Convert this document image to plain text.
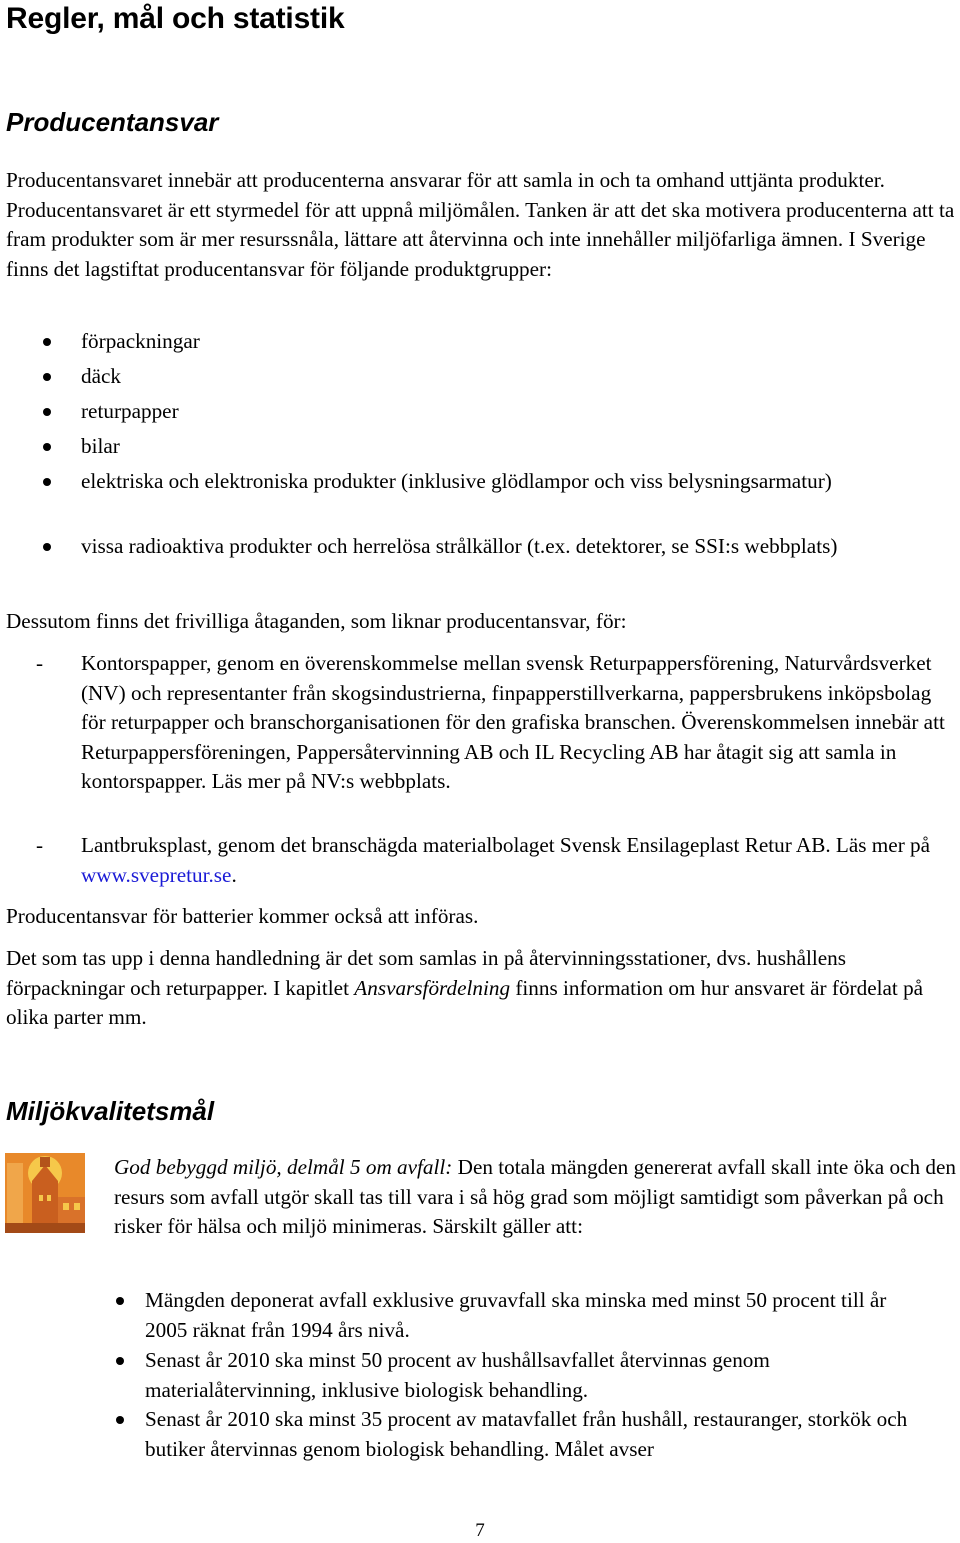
Regler, mål och statistik
Producentansvar

Producentansvaret innebär att producenterna ansvarar för att samla in och ta omhand uttjänta produkter. Producentansvaret är ett styrmedel för att uppnå miljömålen. Tanken är att det ska motivera producenterna att ta fram produkter som är mer resurssnåla, lättare att återvinna och inte innehåller miljöfarliga ämnen. I Sverige finns det lagstiftat producentansvar för följande produktgrupper:

förpackningar
däck
returpapper
bilar
elektriska och elektroniska produkter (inklusive glödlampor och viss belysningsarmatur)
vissa radioaktiva produkter och herrelösa strålkällor (t.ex. detektorer, se SSI:s webbplats)

Dessutom finns det frivilliga åtaganden, som liknar producentansvar, för:

- Kontorspapper, genom en överenskommelse mellan svensk Returpappersförening, Naturvårdsverket (NV) och representanter från skogsindustrierna, finpapperstillverkarna, pappersbrukens inköpsbolag för returpapper och branschorganisationen för den grafiska branschen. Överenskommelsen innebär att Returpappersföreningen, Pappersåtervinning AB och IL Recycling AB har åtagit sig att samla in kontorspapper. Läs mer på NV:s webbplats.
- Lantbruksplast, genom det branschägda materialbolaget Svensk Ensilageplast Retur AB. Läs mer på www.svepretur.se.

Producentansvar för batterier kommer också att införas.

Det som tas upp i denna handledning är det som samlas in på återvinningsstationer, dvs. hushållens förpackningar och returpapper. I kapitlet Ansvarsfördelning finns information om hur ansvaret är fördelat på olika parter mm.

Miljökvalitetsmål

God bebyggd miljö, delmål 5 om avfall: Den totala mängden genererat avfall skall inte öka och den resurs som avfall utgör skall tas till vara i så hög grad som möjligt samtidigt som påverkan på och risker för hälsa och miljö minimeras. Särskilt gäller att:

Mängden deponerat avfall exklusive gruvavfall ska minska med minst 50 procent till år 2005 räknat från 1994 års nivå.
Senast år 2010 ska minst 50 procent av hushållsavfallet återvinnas genom materialåtervinning, inklusive biologisk behandling.
Senast år 2010 ska minst 35 procent av matavfallet från hushåll, restauranger, storkök och butiker återvinnas genom biologisk behandling. Målet avser
7
